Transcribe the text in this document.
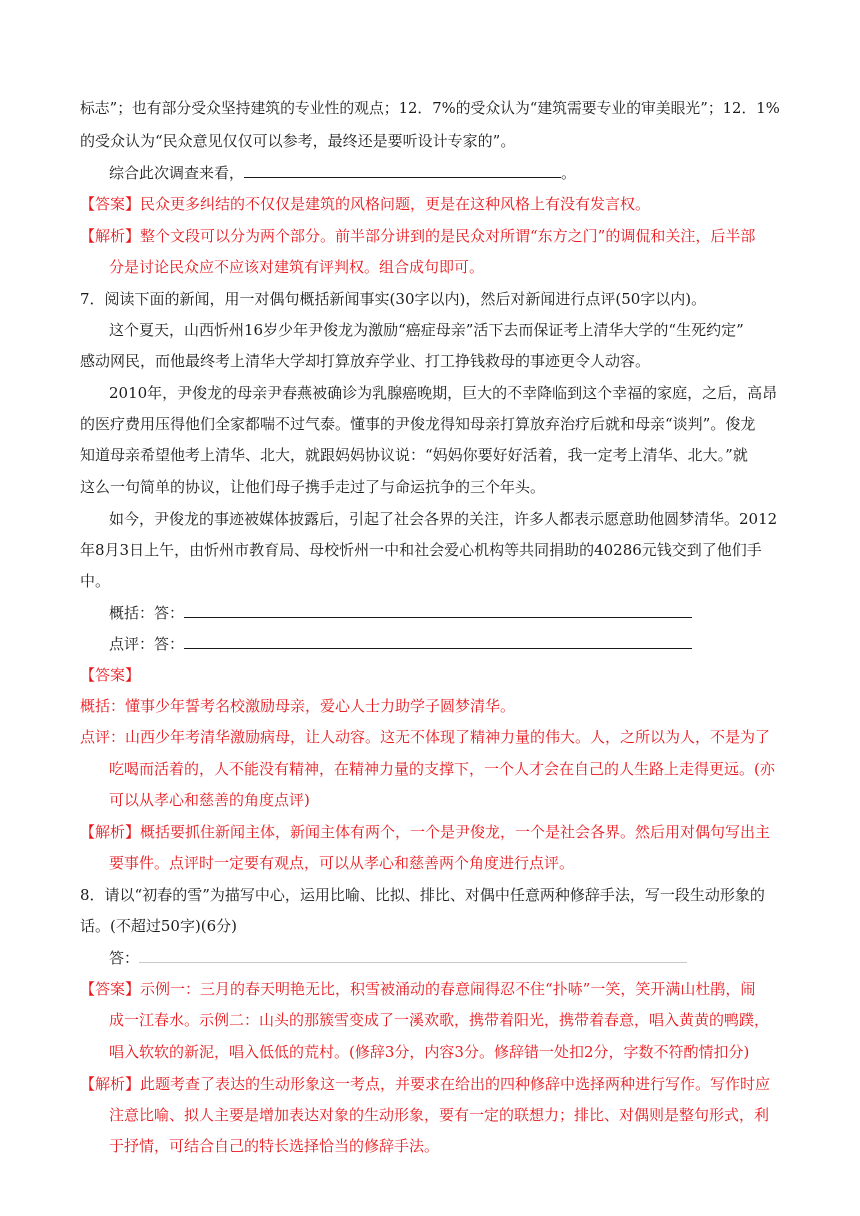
标志”；也有部分受众坚持建筑的专业性的观点；12．7%的受众认为“建筑需要专业的审美眼光”；12．1%
的受众认为“民众意见仅仅可以参考，最终还是要听设计专家的”。
综合此次调查来看，	。
【答案】民众更多纠结的不仅仅是建筑的风格问题，更是在这种风格上有没有发言权。
【解析】整个文段可以分为两个部分。前半部分讲到的是民众对所谓“东方之门”的调侃和关注，后半部
分是讨论民众应不应该对建筑有评判权。组合成句即可。
7．阅读下面的新闻，用一对偶句概括新闻事实(30字以内)，然后对新闻进行点评(50字以内)。
这个夏天，山西忻州16岁少年尹俊龙为激励“癌症母亲”活下去而保证考上清华大学的“生死约定”
感动网民，而他最终考上清华大学却打算放弃学业、打工挣钱救母的事迹更令人动容。
2010年，尹俊龙的母亲尹春燕被确诊为乳腺癌晚期，巨大的不幸降临到这个幸福的家庭，之后，高昂
的医疗费用压得他们全家都喘不过气泰。懂事的尹俊龙得知母亲打算放弃治疗后就和母亲“谈判”。俊龙
知道母亲希望他考上清华、北大，就跟妈妈协议说：“妈妈你要好好活着，我一定考上清华、北大。”就
这么一句简单的协议，让他们母子携手走过了与命运抗争的三个年头。
如今，尹俊龙的事迹被媒体披露后，引起了社会各界的关注，许多人都表示愿意助他圆梦清华。2012
年8月3日上午，由忻州市教育局、母校忻州一中和社会爱心机构等共同捐助的40286元钱交到了他们手
中。
概括：答：
点评：答：
【答案】
概括：懂事少年誓考名校激励母亲，爱心人士力助学子圆梦清华。
点评：山西少年考清华激励病母，让人动容。这无不体现了精神力量的伟大。人，之所以为人，不是为了
吃喝而活着的，人不能没有精神，在精神力量的支撑下，一个人才会在自己的人生路上走得更远。(亦
可以从孝心和慈善的角度点评)
【解析】概括要抓住新闻主体，新闻主体有两个，一个是尹俊龙，一个是社会各界。然后用对偶句写出主
要事件。点评时一定要有观点，可以从孝心和慈善两个角度进行点评。
8．请以“初春的雪”为描写中心，运用比喻、比拟、排比、对偶中任意两种修辞手法，写一段生动形象的
话。(不超过50字)(6分)
答：
【答案】示例一：三月的春天明艳无比，积雪被涌动的春意闹得忍不住“扑哧”一笑，笑开满山杜鹃，闹
成一江春水。示例二：山头的那簇雪变成了一溪欢歌，携带着阳光，携带着春意，唱入黄黄的鸭蹼，
唱入软软的新泥，唱入低低的荒村。(修辞3分，内容3分。修辞错一处扣2分，字数不符酌情扣分)
【解析】此题考查了表达的生动形象这一考点，并要求在给出的四种修辞中选择两种进行写作。写作时应
注意比喻、拟人主要是增加表达对象的生动形象，要有一定的联想力；排比、对偶则是整句形式，利
于抒情，可结合自己的特长选择恰当的修辞手法。
